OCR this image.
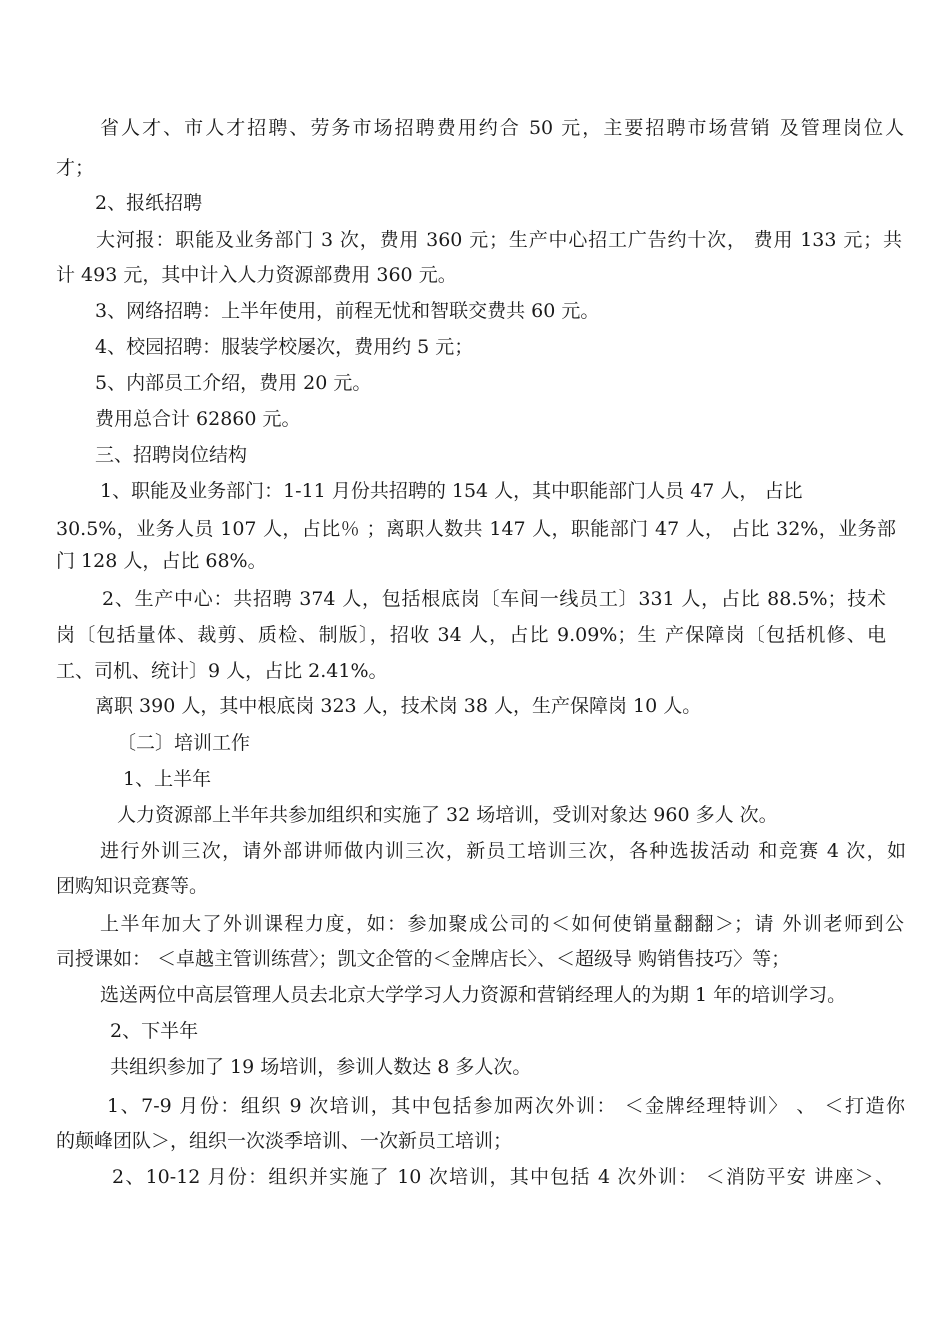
省人才、市人才招聘、劳务市场招聘费用约合 50 元，主要招聘市场营销 及管理岗位人

才；

2、报纸招聘

大河报：职能及业务部门 3 次，费用 360 元；生产中心招工广告约十次， 费用 133 元；共

计 493 元，其中计入人力资源部费用 360 元。

3、网络招聘：上半年使用，前程无忧和智联交费共 60 元。

4、校园招聘：服装学校屡次，费用约 5 元；

5、内部员工介绍，费用 20 元。

费用总合计 62860 元。

三、招聘岗位结构

1、职能及业务部门：1-11 月份共招聘的 154 人，其中职能部门人员 47 人， 占比

30.5%，业务人员 107 人，占比％ ；离职人数共 147 人，职能部门 47 人， 占比 32%，业务部

门 128 人，占比 68%。

2、生产中心：共招聘 374 人，包括根底岗〔车间一线员工〕331 人，占比 88.5%；技术

岗〔包括量体、裁剪、质检、制版〕，招收 34 人，占比 9.09%；生 产保障岗〔包括机修、电

工、司机、统计〕9 人，占比 2.41%。

离职 390 人，其中根底岗 323 人，技术岗 38 人，生产保障岗 10 人。

〔二〕培训工作

1、上半年

人力资源部上半年共参加组织和实施了 32 场培训，受训对象达 960 多人 次。

进行外训三次，请外部讲师做内训三次，新员工培训三次，各种选拔活动 和竞赛 4 次，如

团购知识竞赛等。

上半年加大了外训课程力度，如：参加聚成公司的＜如何使销量翻翻＞；请 外训老师到公

司授课如： ＜卓越主管训练营〉；凯文企管的＜金牌店长〉、＜超级导 购销售技巧〉等；

选送两位中高层管理人员去北京大学学习人力资源和营销经理人的为期 1 年的培训学习。

2、下半年

共组织参加了 19 场培训，参训人数达 8 多人次。

1、7-9 月份：组织 9 次培训，其中包括参加两次外训： ＜金牌经理特训〉 、 ＜打造你

的颠峰团队＞，组织一次淡季培训、一次新员工培训；

2、10-12 月份：组织并实施了 10 次培训，其中包括 4 次外训： ＜消防平安 讲座＞、
